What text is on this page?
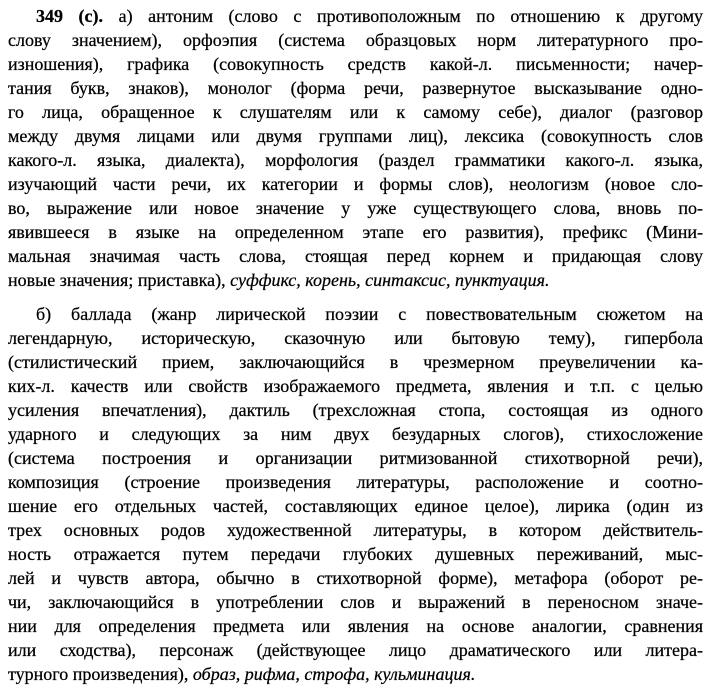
349 (с). а) антоним (слово с противоположным по отношению к другому
слову значением), орфоэпия (система образцовых норм литературного про-
изношения), графика (совокупность средств какой-л. письменности; начер-
тания букв, знаков), монолог (форма речи, развернутое высказывание одно-
го лица, обращенное к слушателям или к самому себе), диалог (разговор
между двумя лицами или двумя группами лиц), лексика (совокупность слов
какого-л. языка, диалекта), морфология (раздел грамматики какого-л. языка,
изучающий части речи, их категории и формы слов), неологизм (новое сло-
во, выражение или новое значение у уже существующего слова, вновь по-
явившееся в языке на определенном этапе его развития), префикс (Мини-
мальная значимая часть слова, стоящая перед корнем и придающая слову
новые значения; приставка), суффикс, корень, синтаксис, пунктуация.
б) баллада (жанр лирической поэзии с повествовательным сюжетом на
легендарную, историческую, сказочную или бытовую тему), гипербола
(стилистический прием, заключающийся в чрезмерном преувеличении ка-
ких-л. качеств или свойств изображаемого предмета, явления и т.п. с целью
усиления впечатления), дактиль (трехсложная стопа, состоящая из одного
ударного и следующих за ним двух безударных слогов), стихосложение
(система построения и организации ритмизованной стихотворной речи),
композиция (строение произведения литературы, расположение и соотно-
шение его отдельных частей, составляющих единое целое), лирика (один из
трех основных родов художественной литературы, в котором действитель-
ность отражается путем передачи глубоких душевных переживаний, мыс-
лей и чувств автора, обычно в стихотворной форме), метафора (оборот ре-
чи, заключающийся в употреблении слов и выражений в переносном значе-
нии для определения предмета или явления на основе аналогии, сравнения
или сходства), персонаж (действующее лицо драматического или литера-
турного произведения), образ, рифма, строфа, кульминация.
